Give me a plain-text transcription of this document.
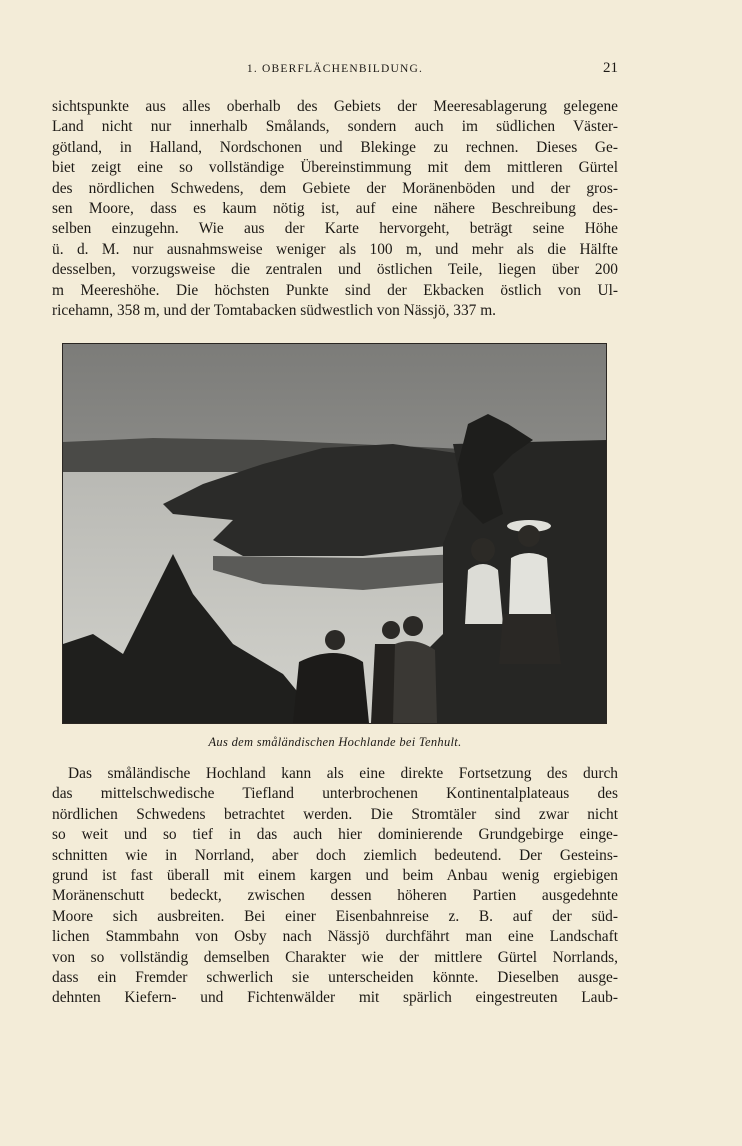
1. OBERFLÄCHENBILDUNG.	21
sichtspunkte aus alles oberhalb des Gebiets der Meeresablagerung gelegene
Land nicht nur innerhalb Smålands, sondern auch im südlichen Väster-
götland, in Halland, Nordschonen und Blekinge zu rechnen. Dieses Ge-
biet zeigt eine so vollständige Übereinstimmung mit dem mittleren Gürtel
des nördlichen Schwedens, dem Gebiete der Moränenböden und der gros-
sen Moore, dass es kaum nötig ist, auf eine nähere Beschreibung des-
selben einzugehn. Wie aus der Karte hervorgeht, beträgt seine Höhe
ü. d. M. nur ausnahmsweise weniger als 100 m, und mehr als die Hälfte
desselben, vorzugsweise die zentralen und östlichen Teile, liegen über 200
m Meereshöhe. Die höchsten Punkte sind der Ekbacken östlich von Ul-
ricehamn, 358 m, und der Tomtabacken südwestlich von Nässjö, 337 m.
Aus dem småländischen Hochlande bei Tenhult.
Das småländische Hochland kann als eine direkte Fortsetzung des durch
das mittelschwedische Tiefland unterbrochenen Kontinentalplateaus des
nördlichen Schwedens betrachtet werden. Die Stromtäler sind zwar nicht
so weit und so tief in das auch hier dominierende Grundgebirge einge-
schnitten wie in Norrland, aber doch ziemlich bedeutend. Der Gesteins-
grund ist fast überall mit einem kargen und beim Anbau wenig ergiebigen
Moränenschutt bedeckt, zwischen dessen höheren Partien ausgedehnte
Moore sich ausbreiten. Bei einer Eisenbahnreise z. B. auf der süd-
lichen Stammbahn von Osby nach Nässjö durchfährt man eine Landschaft
von so vollständig demselben Charakter wie der mittlere Gürtel Norrlands,
dass ein Fremder schwerlich sie unterscheiden könnte. Dieselben ausge-
dehnten Kiefern- und Fichtenwälder mit spärlich eingestreuten Laub-
